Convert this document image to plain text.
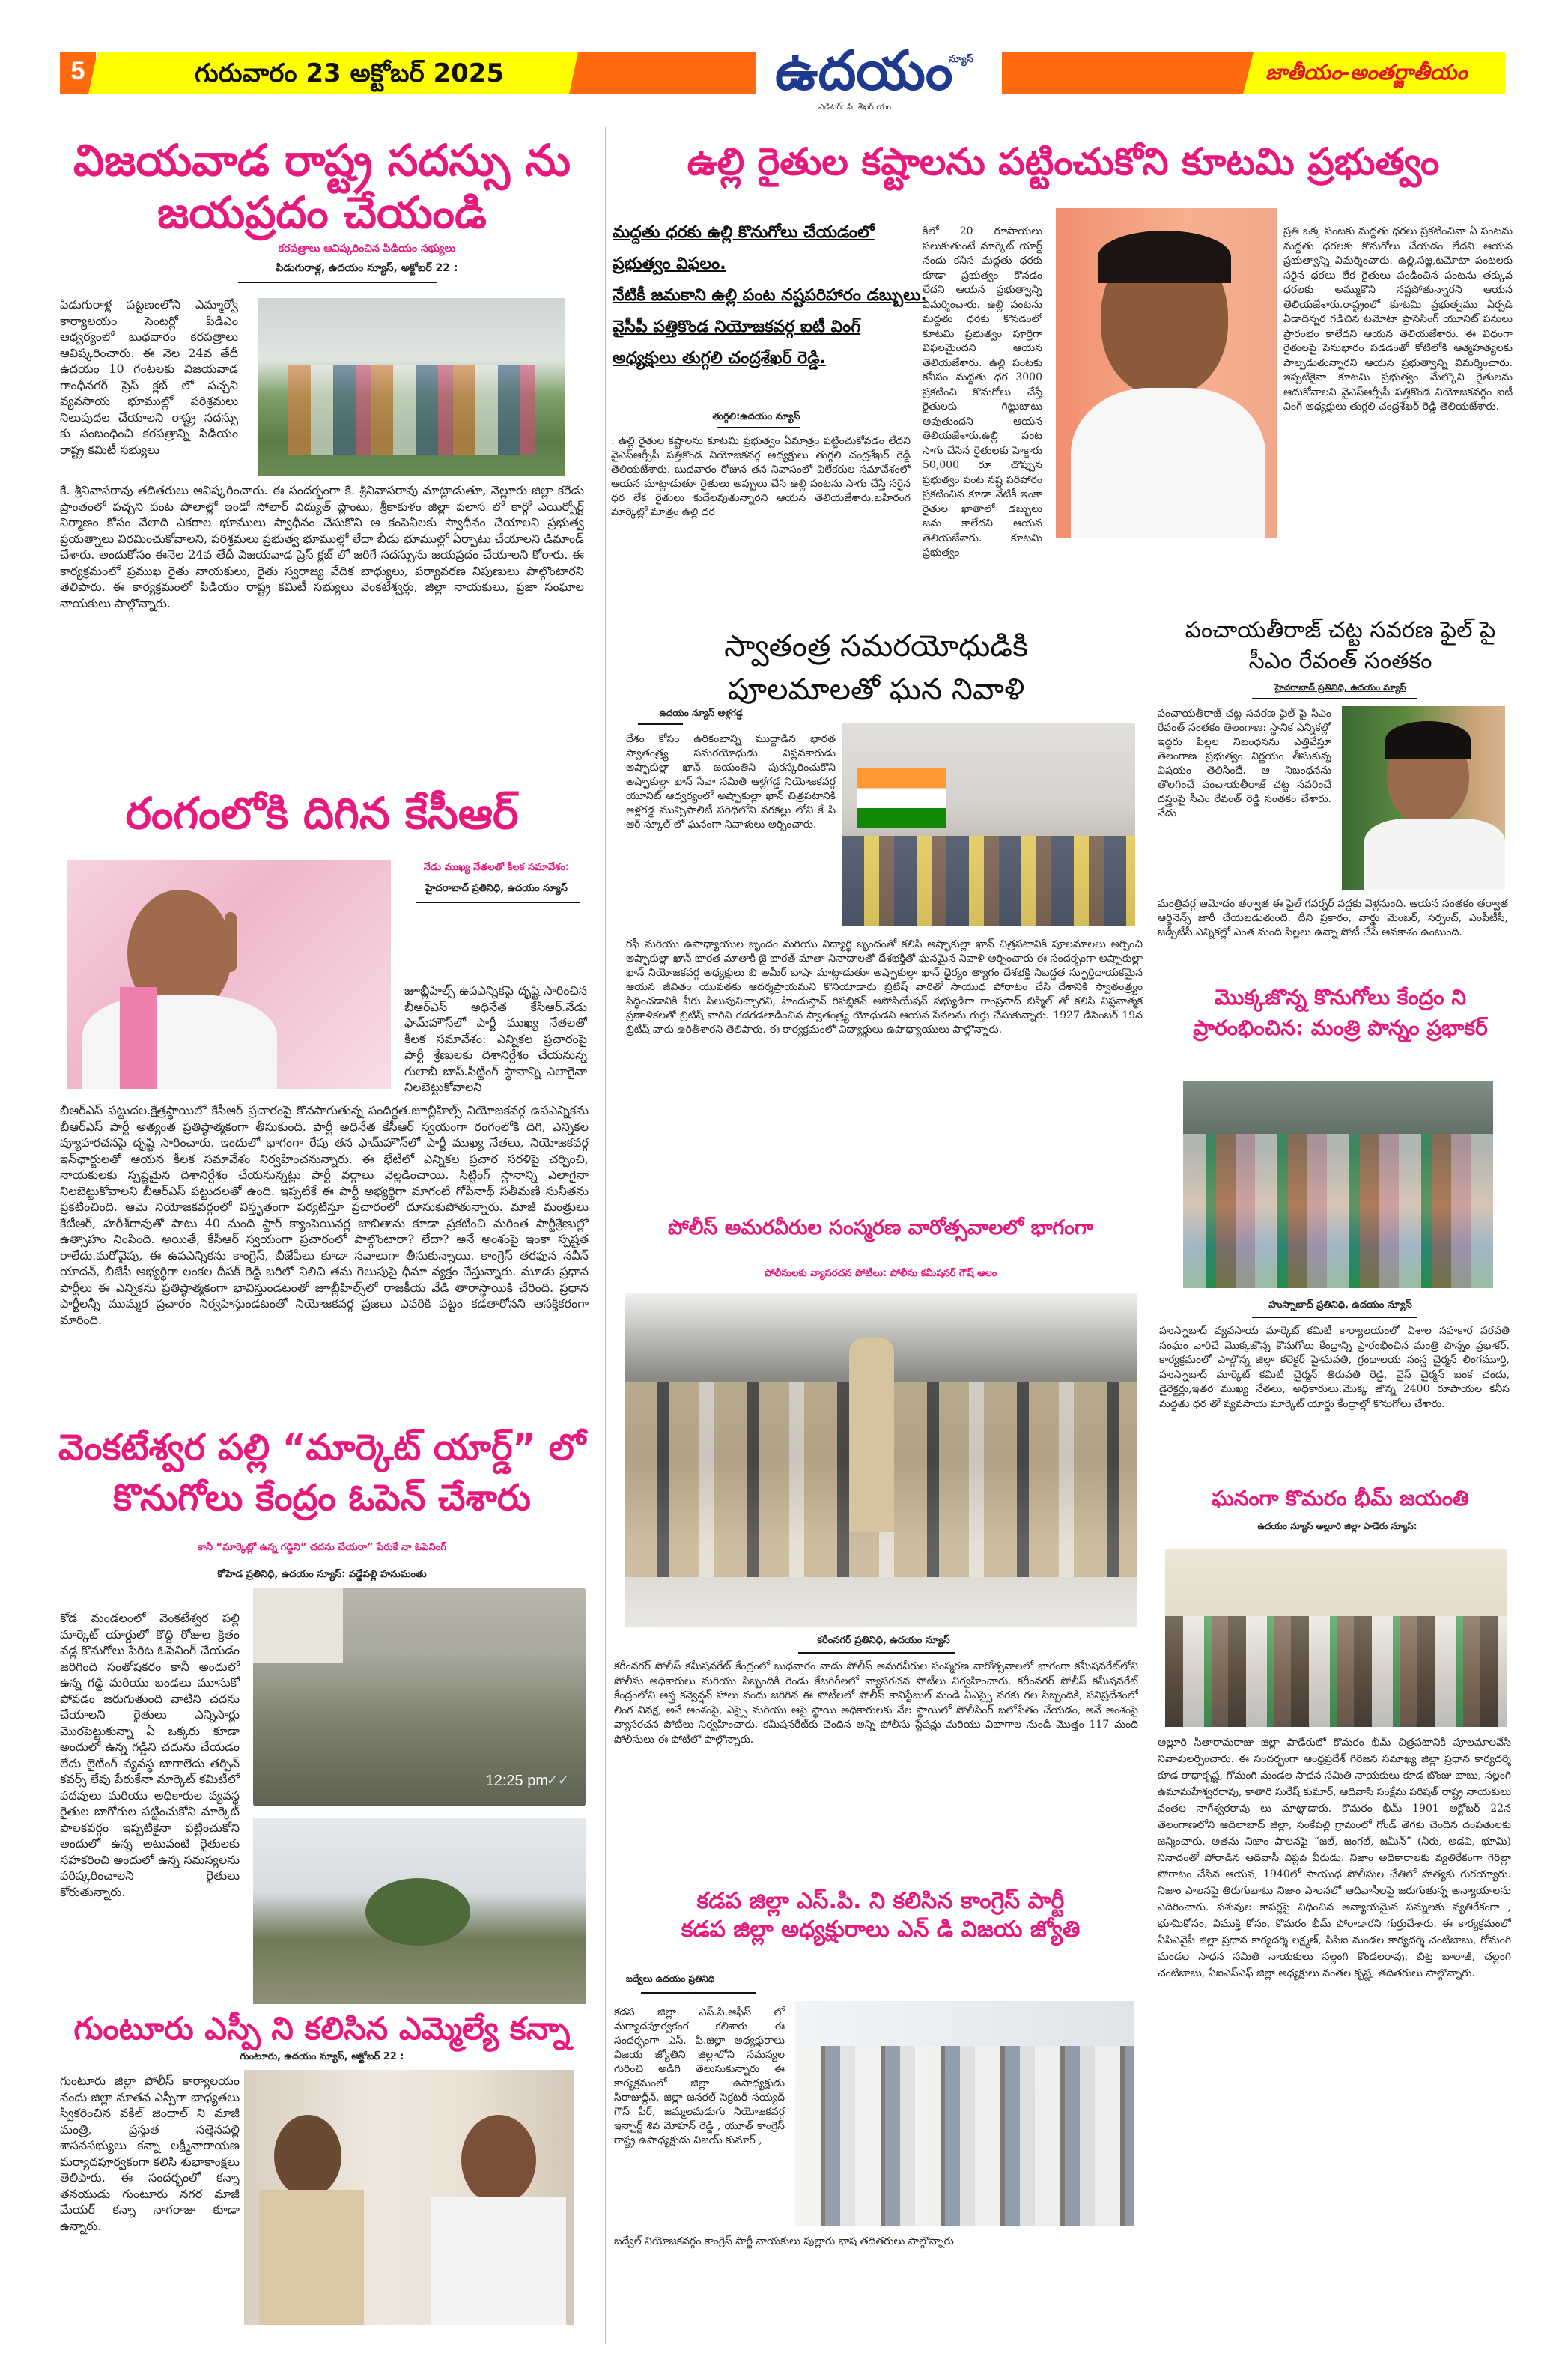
5	గురువారం 23 అక్టోబర్ 2025	ఉదయం
న్యూస్
ఎడిటర్: పి. శేఖర్ యం
జాతీయం-అంతర్జాతీయం
విజయవాడ రాష్ట్ర సదస్సు ను
జయప్రదం చేయండి
కరపత్రాలు ఆవిష్కరించిన పిడియం సభ్యులు
పిడుగురాళ్ల, ఉదయం న్యూస్, అక్టోబర్ 22 :
పిడుగురాళ్ల పట్టణంలోని ఎమ్మార్వో కార్యాలయం సెంటర్లో పిడిఎం ఆధ్వర్యంలో బుధవారం కరపత్రాలు ఆవిష్కరించారు. ఈ నెల 24వ తేదీ ఉదయం 10 గంటలకు విజయవాడ గాంధీనగర్ ప్రెస్ క్లబ్ లో పచ్చని వ్యవసాయ భూముల్లో పరిశ్రమలు నిలుపుదల చేయాలని రాష్ట్ర సదస్సు కు సంబంధించి కరపత్రాన్ని పిడియం రాష్ట్ర కమిటీ సభ్యులు
కే. శ్రీనివాసరావు తదితరులు ఆవిష్కరించారు. ఈ సందర్భంగా కే. శ్రీనివాసరావు మాట్లాడుతూ, నెల్లూరు జిల్లా కరేడు ప్రాంతంలో పచ్చని పంట పొలాల్లో ఇండో సోలార్ విద్యుత్ ప్లాంటు, శ్రీకాకుళం జిల్లా పలాస లో కార్గో ఎయిర్పోర్ట్ నిర్మాణం కోసం వేలాది ఎకరాల భూములు స్వాధీనం చేసుకొని ఆ కంపెనీలకు స్వాధీనం చేయాలని ప్రభుత్వ ప్రయత్నాలు విరమించుకోవాలని, పరిశ్రమలు ప్రభుత్వ భూముల్లో లేదా బీడు భూముల్లో ఏర్పాటు చేయాలని డిమాండ్ చేశారు. అందుకోసం ఈనెల 24వ తేదీ విజయవాడ ప్రెస్ క్లబ్ లో జరిగే సదస్సును జయప్రదం చేయాలని కోరారు. ఈ కార్యక్రమంలో ప్రముఖ రైతు నాయకులు, రైతు స్వరాజ్య వేదిక బాధ్యులు, పర్యావరణ నిపుణులు పాల్గొంటారని తెలిపారు. ఈ కార్యక్రమంలో పిడియం రాష్ట్ర కమిటీ సభ్యులు వెంకటేశ్వర్లు, జిల్లా నాయకులు, ప్రజా సంఘాల నాయకులు పాల్గొన్నారు.
ఉల్లి రైతుల కష్టాలను పట్టించుకోని కూటమి ప్రభుత్వం
మద్దతు ధరకు ఉల్లి కొనుగోలు చేయడంలో ప్రభుత్వం విఫలం.
నేటికీ జమకాని ఉల్లి పంట నష్టపరిహారం డబ్బులు.
వైసీపీ పత్తికొండ నియోజకవర్గ ఐటీ వింగ్ అధ్యక్షులు తుగ్గలి చంద్రశేఖర్ రెడ్డి.
తుగ్గలి:ఉదయం న్యూస్
: ఉల్లి రైతుల కష్టాలను కూటమి ప్రభుత్వం ఏమాత్రం పట్టించుకోవడం లేదని వైఎస్ఆర్సీపీ పత్తికొండ నియోజకవర్గ అధ్యక్షులు తుగ్గలి చంద్రశేఖర్ రెడ్డి తెలియజేశారు. బుధవారం రోజున తన నివాసంలో విలేకరుల సమావేశంలో ఆయన మాట్లాడుతూ రైతులు అప్పులు చేసి ఉల్లి పంటను సాగు చేస్తే సరైన ధర లేక రైతులు కుదేలవుతున్నారని ఆయన తెలియజేశారు.బహిరంగ మార్కెట్లో మాత్రం ఉల్లి ధర
కిలో 20 రూపాయలు పలుకుతుంటే మార్కెట్ యార్డ్ నందు కనీస మద్దతు ధరకు కూడా ప్రభుత్వం కొనడం లేదని ఆయన ప్రభుత్వాన్ని విమర్శించారు. ఉల్లి పంటను మద్దతు ధరకు కొనడంలో కూటమి ప్రభుత్వం పూర్తిగా విఫలమైందని ఆయన తెలియజేశారు. ఉల్లి పంటకు కనీసం మద్దతు ధర 3000 ప్రకటించి కొనుగోలు చేస్తే రైతులకు గిట్టుబాటు అవుతుందని ఆయన తెలియజేశారు.ఉల్లి పంట సాగు చేసిన రైతులకు హెక్టారు 50,000 రూ చొప్పున ప్రభుత్వం పంట నష్ట పరిహారం ప్రకటించిన కూడా నేటికీ ఇంకా రైతుల ఖాతాలో డబ్బులు జమ కాలేదని ఆయన తెలియజేశారు. కూటమి ప్రభుత్వం
ప్రతి ఒక్క పంటకు మద్దతు ధరలు ప్రకటించినా ఏ పంటను మద్దతు ధరలకు కొనుగోలు చేయడం లేదని ఆయన ప్రభుత్వాన్ని విమర్శించారు. ఉల్లి,సజ్జ,టమోటా పంటలకు సరైన ధరలు లేక రైతులు పండించిన పంటను తక్కువ ధరలకు అమ్ముకొని నష్టపోతున్నారని ఆయన తెలియజేశారు.రాష్ట్రంలో కూటమి ప్రభుత్వము ఏర్పడి ఏడాదిన్నర గడిచిన టమోటా ప్రాసెసింగ్ యూనిట్ పనులు ప్రారంభం కాలేదని ఆయన తెలియజేశారు. ఈ విధంగా రైతులపై పెనుభారం పడడంతో కోటిలోకి ఆత్మహత్యలకు పాల్పడుతున్నారని ఆయన ప్రభుత్వాన్ని విమర్శించారు. ఇప్పటికైనా కూటమి ప్రభుత్వం మేల్కొని రైతులను ఆదుకోవాలని వైఎస్ఆర్సీపీ పత్తికొండ నియోజకవర్గం ఐటీ వింగ్ అధ్యక్షులు తుగ్గలి చంద్రశేఖర్ రెడ్డి తెలియజేశారు.
రంగంలోకి దిగిన కేసీఆర్
నేడు ముఖ్య నేతలతో కీలక సమావేశం:
హైదరాబాద్ ప్రతినిధి, ఉదయం న్యూస్
జూబ్లీహిల్స్ ఉపఎన్నికపై దృష్టి సారించిన బీఆర్ఎస్ అధినేత కేసీఆర్.నేడు ఫామ్‌హౌస్‌లో పార్టీ ముఖ్య నేతలతో కీలక సమావేశం: ఎన్నికల ప్రచారంపై పార్టీ శ్రేణులకు దిశానిర్దేశం చేయనున్న గులాబీ బాస్.సిట్టింగ్ స్థానాన్ని ఎలాగైనా నిలబెట్టుకోవాలని
బీఆర్ఎస్ పట్టుదల.క్షేత్రస్థాయిలో కేసీఆర్ ప్రచారంపై కొనసాగుతున్న సందిగ్ధత.జూబ్లీహిల్స్ నియోజకవర్గ ఉపఎన్నికను బీఆర్ఎస్ పార్టీ అత్యంత ప్రతిష్ఠాత్మకంగా తీసుకుంది. పార్టీ అధినేత కేసీఆర్ స్వయంగా రంగంలోకి దిగి, ఎన్నికల వ్యూహరచనపై దృష్టి సారించారు. ఇందులో భాగంగా రేపు తన ఫామ్‌హౌస్‌లో పార్టీ ముఖ్య నేతలు, నియోజకవర్గ ఇన్‌ఛార్జులతో ఆయన కీలక సమావేశం నిర్వహించనున్నారు. ఈ భేటీలో ఎన్నికల ప్రచార సరళిపై చర్చించి, నాయకులకు స్పష్టమైన దిశానిర్దేశం చేయనున్నట్లు పార్టీ వర్గాలు వెల్లడించాయి. సిట్టింగ్ స్థానాన్ని ఎలాగైనా నిలబెట్టుకోవాలని బీఆర్ఎస్ పట్టుదలతో ఉంది. ఇప్పటికే ఈ పార్టీ అభ్యర్థిగా మాగంటి గోపీనాథ్ సతీమణి సునీతను ప్రకటించింది. ఆమె నియోజకవర్గంలో విస్తృతంగా పర్యటిస్తూ ప్రచారంలో దూసుకుపోతున్నారు. మాజీ మంత్రులు కేటీఆర్, హరీశ్‌రావుతో పాటు 40 మంది స్టార్ క్యాంపెయినర్ల జాబితాను కూడా ప్రకటించి మరింత పార్టీశ్రేణుల్లో ఉత్సాహం నింపింది. అయితే, కేసీఆర్ స్వయంగా ప్రచారంలో పాల్గొంటారా? లేదా? అనే అంశంపై ఇంకా స్పష్టత రాలేదు.మరోవైపు, ఈ ఉపఎన్నికను కాంగ్రెస్, బీజేపీలు కూడా సవాలుగా తీసుకున్నాయి. కాంగ్రెస్ తరఫున నవీన్ యాదవ్, బీజేపీ అభ్యర్థిగా లంకల దీపక్ రెడ్డి బరిలో నిలిచి తమ గెలుపుపై ధీమా వ్యక్తం చేస్తున్నారు. మూడు ప్రధాన పార్టీలు ఈ ఎన్నికను ప్రతిష్ఠాత్మకంగా భావిస్తుండటంతో జూబ్లీహిల్స్‌లో రాజకీయ వేడి తారాస్థాయికి చేరింది. ప్రధాన పార్టీలన్నీ ముమ్మర ప్రచారం నిర్వహిస్తుండటంతో నియోజకవర్గ ప్రజలు ఎవరికి పట్టం కడతారోనని ఆసక్తికరంగా మారింది.
వెంకటేశ్వర పల్లి “మార్కెట్ యార్డ్” లో
కొనుగోలు కేంద్రం ఓపెన్ చేశారు
కానీ “మార్కెట్లో ఉన్న గడ్డిని” చదను చేయరా” పేరుకే నా ఓపెనింగ్
కోహెడ ప్రతినిధి, ఉదయం న్యూస్: వడ్డేపల్లి హనుమంతు
కోడ మండలంలో వెంకటేశ్వర పల్లి మార్కెట్ యార్డులో కొద్ది రోజుల క్రితం వడ్ల కొనుగోలు పేరిట ఓపెనింగ్ చేయడం జరిగింది సంతోషకరం కానీ అందులో ఉన్న గడ్డి మరియు బండలు మూసుకో పోవడం జరుగుతుంది వాటిని చదను చేయాలని రైతులు ఎన్నిసార్లు మొరపెట్టుకున్నా ఏ ఒక్కరు కూడా అందులో ఉన్న గడ్డిని చదును చేయడం లేదు లైటింగ్ వ్యవస్థ బాగాలేదు తర్పిన్ కవర్స్ లేవు పేరుకేనా మార్కెట్ కమిటీలో పదవులు మరియు అధికారుల వ్యవస్థ రైతుల బాగోగుల పట్టించుకోని మార్కెట్ పాలకవర్గం ఇప్పటికైనా పట్టించుకోని అందులో ఉన్న అటువంటి రైతులకు సహకరించి అందులో ఉన్న సమస్యలను పరిష్కరించాలని రైతులు కోరుతున్నారు.
12:25 pm
✓✓
గుంటూరు ఎస్పీ ని కలిసిన ఎమ్మెల్యే కన్నా
గుంటూరు, ఉదయం న్యూస్, అక్టోబర్ 22 :
గుంటూరు జిల్లా పోలీస్ కార్యాలయం నందు జిల్లా నూతన ఎస్పీగా బాధ్యతలు స్వీకరించిన వకీల్ జిందాల్ ని మాజీ మంత్రి, ప్రస్తుత సత్తెనపల్లి శాసనసభ్యులు కన్నా లక్ష్మీనారాయణ మర్యాదపూర్వకంగా కలిసి శుభాకాంక్షలు తెలిపారు. ఈ సందర్భంలో కన్నా తనయుడు గుంటూరు నగర మాజీ మేయర్ కన్నా నాగరాజు కూడా ఉన్నారు.
స్వాతంత్ర సమరయోధుడికి
పూలమాలతో ఘన నివాళి
ఉదయం న్యూస్ ఆళ్లగడ్డ
దేశం కోసం ఉరికంబాన్ని ముద్దాడిన భారత స్వాతంత్ర్య సమరయోధుడు విప్లవకారుడు అష్ఫాకుల్లా ఖాన్ జయంతిని పురస్కరించుకొని అష్ఫాకుల్లా ఖాన్ సేవా సమితి ఆళ్లగడ్డ నియోజకవర్గ యూనిట్ ఆధ్వర్యంలో అష్ఫాకుల్లా ఖాన్ చిత్రపటానికి ఆళ్లగడ్డ మున్సిపాలిటీ పరిధిలోని వరకల్లు లోని కే పి ఆర్ స్కూల్ లో ఘనంగా నివాళులు అర్పించారు.
రఫీ మరియు ఉపాధ్యాయుల బృందం మరియు విద్యార్థి బృందంతో కలిసి అష్ఫాకుల్లా ఖాన్ చిత్రపటానికి పూలమాలలు అర్పించి అష్ఫాకుల్లా ఖాన్ భారత మాతాకీ జై భారత్ మాతా నినాదాలతో దేశభక్తితో ఘనమైన నివాళి అర్పించారు ఈ సందర్భంగా అష్ఫాకుల్లా ఖాన్ నియోజకవర్గ అధ్యక్షులు బి అమీర్ బాషా మాట్లాడుతూ అష్ఫాకుల్లా ఖాన్ ధైర్యం త్యాగం దేశభక్తి నిబద్ధత స్ఫూర్తిదాయకమైన ఆయన జీవితం యువతకు ఆదర్శప్రాయమని కొనియాడారు బ్రిటిష్ వారితో సాయుధ పోరాటం చేసి దేశానికి స్వాతంత్ర్యం సిద్ధించడానికి వీరు పిలుపునిచ్చారని, హిందుస్తాన్ రిపబ్లికన్ అసోసియేషన్ సభ్యుడిగా రాంప్రసాద్ బిస్మిల్ తో కలిసి విప్లవాత్మక ప్రణాళికలతో బ్రిటిష్ వారిని గడగడలాడించిన స్వాతంత్ర్య యోధుడని ఆయన సేవలను గుర్తు చేసుకున్నారు. 1927 డిసెంబర్ 19న బ్రిటిష్ వారు ఉరితీశారని తెలిపారు. ఈ కార్యక్రమంలో విద్యార్థులు ఉపాధ్యాయులు పాల్గొన్నారు.
పంచాయతీరాజ్ చట్ట సవరణ ఫైల్ పై
సీఎం రేవంత్ సంతకం
హైదరాబాద్ ప్రతినిధి, ఉదయం న్యూస్
పంచాయతీరాజ్ చట్ట సవరణ ఫైల్ పై సీఎం రేవంత్ సంతకం తెలంగాణ: స్థానిక ఎన్నికల్లో ఇద్దరు పిల్లల నిబంధనను ఎత్తివేస్తూ తెలంగాణ ప్రభుత్వం నిర్ణయం తీసుకున్న విషయం తెలిసిందే. ఆ నిబంధనను తొలగించే పంచాయతీరాజ్ చట్ట సవరించే దస్త్రంపై సీఎం రేవంత్ రెడ్డి సంతకం చేశారు. నేడు
మంత్రివర్గ ఆమోదం తర్వాత ఈ ఫైల్ గవర్నర్ వద్దకు వెళ్లనుంది. ఆయన సంతకం తర్వాత ఆర్డినెన్స్ జారీ చేయబడుతుంది. దీని ప్రకారం, వార్డు మెంబర్, సర్పంచ్, ఎంపీటీసీ, జడ్పీటీసీ ఎన్నికల్లో ఎంత మంది పిల్లలు ఉన్నా పోటీ చేసే అవకాశం ఉంటుంది.
మొక్కజొన్న కొనుగోలు కేంద్రం ని
ప్రారంభించిన: మంత్రి పొన్నం ప్రభాకర్
హుస్నాబాద్ ప్రతినిధి, ఉదయం న్యూస్
హుస్నాబాద్ వ్యవసాయ మార్కెట్ కమిటీ కార్యాలయంలో విశాల సహకార పరపతి సంఘం వారిచే మొక్కజొన్న కొనుగోలు కేంద్రాన్ని ప్రారంభించిన మంత్రి పొన్నం ప్రభాకర్. కార్యక్రమంలో పాల్గొన్న జిల్లా కలెక్టర్ హైమవతి, గ్రంథాలయ సంస్థ చైర్మన్ లింగమూర్తి, హుస్నాబాద్ మార్కెట్ కమిటీ చైర్మన్ తిరుపతి రెడ్డి, వైస్ చైర్మన్ బంక చందు, డైరెక్టర్లు,ఇతర ముఖ్య నేతలు, అధికారులు.మొక్క జొన్న 2400 రూపాయల కనీస మద్దతు ధర తో వ్యవసాయ మార్కెట్ యార్డు కేంద్రాల్లో కొనుగోలు చేశారు.
పోలీస్ అమరవీరుల సంస్మరణ వారోత్సవాలలో భాగంగా
పోలీసులకు వ్యాసరచన పోటీలు: పోలీసు కమీషనర్ గౌష్ ఆలం
కరీంనగర్ ప్రతినిధి, ఉదయం న్యూస్
కరీంనగర్ పోలీస్ కమీషనరేట్ కేంద్రంలో బుధవారం నాడు పోలీస్ అమరవీరుల సంస్మరణ వారోత్సవాలలో భాగంగా కమీషనరేట్‌లోని పోలీసు అధికారులు మరియు సిబ్బందికి రెండు కేటగిరీలలో వ్యాసరచన పోటీలు నిర్వహించారు. కరీంనగర్ పోలీస్ కమీషనరేట్ కేంద్రంలోని అస్త్ర కన్వెన్షన్ హాలు నందు జరిగిన ఈ పోటీలలో పోలీస్ కానిస్టేబుల్ నుండి ఏఎస్సై వరకు గల సిబ్బందికి, పనిప్రదేశంలో లింగ వివక్ష, అనే అంశంపై, ఎస్సై మరియు ఆపై స్థాయి అధికారులకు నేల స్థాయిలో పోలీసింగ్ బలోపేతం చేయడం, అనే అంశంపై వ్యాసరచన పోటీలు నిర్వహించారు. కమీషనరేట్‌కు చెందిన అన్ని పోలీసు స్టేషన్లు మరియు విభాగాల నుండి మొత్తం 117 మంది పోలీసులు ఈ పోటీలో పాల్గొన్నారు.
ఘనంగా కొమరం భీమ్ జయంతి
ఉదయం న్యూస్ అల్లూరి జిల్లా పాడేరు న్యూస్:
అల్లూరి సీతారామరాజు జిల్లా పాడేరులో కొమరం భీమ్ చిత్రపటానికి పూలమాలవేసి నివాళులర్పించారు. ఈ సందర్భంగా ఆంధ్రప్రదేశ్ గిరిజన సమాఖ్య జిల్లా ప్రధాన కార్యదర్శి కూడ రాధాకృష్ణ, గోమంగి మండల సాధన సమితి నాయకులు కూడ బొంజు బాబు, సల్లంగి ఉమామహేశ్వరరావు, కాతారి సురేష్ కుమార్, ఆదివాసి సంక్షేమ పరిషత్ రాష్ట్ర నాయకులు వంతల నాగేశ్వరరావు లు మాట్లాడారు. కొమరం భీమ్ 1901 అక్టోబర్ 22న తెలంగాణలోని ఆదిలాబాద్ జిల్లా, సంకేపల్లి గ్రామంలో గోండ్ తెగకు చెందిన దంపతులకు జన్మించారు. అతను నిజాం పాలనపై “జల్, జంగల్, జమీన్” (నీరు, అడవి, భూమి) నినాదంతో పోరాడిన ఆదివాసీ విప్లవ వీరుడు. నిజాం అధికారాలకు వ్యతిరేకంగా గెరిల్లా పోరాటం చేసిన ఆయన, 1940లో సాయుధ పోలీసుల చేతిలో హత్యకు గురయ్యారు. నిజాం పాలనపై తిరుగుబాటు నిజాం పాలనలో ఆదివాసీలపై జరుగుతున్న అన్యాయాలను ఎదిరించారు. పశువుల కాపర్లపై విధించిన అన్యాయమైన పన్నులకు వ్యతిరేకంగా , భూమికోసం, విముక్తి కోసం, కొమరం భీమ్ పోరాడారని గుర్తుచేశారు. ఈ కార్యక్రమంలో ఏపిఎవైపీ జిల్లా ప్రధాన కార్యదర్శి లక్ష్మణ్, సిపిఐ మండల కార్యదర్శి చంటిబాబు, గోమంగి మండల సాధన సమితి నాయకులు సల్లంగి కొండలరావు, బిట్ర బాలాజీ, చల్లంగి చంటిబాబు, ఏఐఎస్ఎఫ్ జిల్లా అధ్యక్షులు వంతల కృష్ణ, తదితరులు పాల్గొన్నారు.
కడప జిల్లా ఎస్.పి. ని కలిసిన కాంగ్రెస్ పార్టీ
కడప జిల్లా అధ్యక్షురాలు ఎన్ డి విజయ జ్యోతి
బద్వేలు ఉదయం ప్రతినిధి
కడప జిల్లా ఎస్.పి.ఆఫీస్ లో మర్యాదపూర్వకంగ కలిశారు ఈ సందర్భంగా ఎస్. పి.జిల్లా అధ్యక్షురాలు విజయ జ్యోతిని జిల్లాలోని సమస్యల గురించి అడిగి తెలుసుకున్నారు ఈ కార్యక్రమంలో జిల్లా ఉపాధ్యక్షుడు సిరాజుద్దీన్, జిల్లా జనరల్ సెక్రటరీ సయ్యద్ గౌస్ పీర్, జమ్మలమడుగు నియోజకవర్గ ఇన్చార్జ్ శివ మోహన్ రెడ్డి , యూత్ కాంగ్రెస్ రాష్ట్ర ఉపాధ్యక్షుడు విజయ్ కుమార్ ,
బద్వేల్ నియోజకవర్గం కాంగ్రెస్ పార్టీ నాయకులు పుల్లారు భాష తదితరులు పాల్గొన్నారు
